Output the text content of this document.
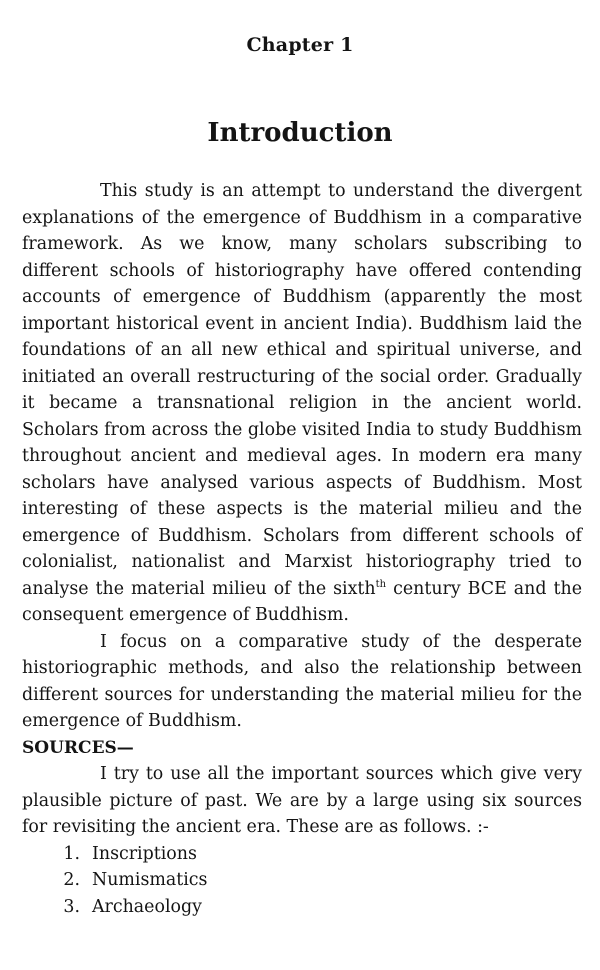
Chapter 1
Introduction

This study is an attempt to understand the divergent explanations of the emergence of Buddhism in a comparative framework. As we know, many scholars subscribing to different schools of historiography have offered contending accounts of emergence of Buddhism (apparently the most important historical event in ancient India). Buddhism laid the foundations of an all new ethical and spiritual universe, and initiated an overall restructuring of the social order. Gradually it became a transnational religion in the ancient world. Scholars from across the globe visited India to study Buddhism throughout ancient and medieval ages. In modern era many scholars have analysed various aspects of Buddhism. Most interesting of these aspects is the material milieu and the emergence of Buddhism. Scholars from different schools of colonialist, nationalist and Marxist historiography tried to analyse the material milieu of the sixth$^{th}$ century BCE and the consequent emergence of Buddhism.

I focus on a comparative study of the desperate historiographic methods, and also the relationship between different sources for understanding the material milieu for the emergence of Buddhism.

SOURCES—

I try to use all the important sources which give very plausible picture of past. We are by a large using six sources for revisiting the ancient era. These are as follows. :-

1. Inscriptions
2. Numismatics
3. Archaeology
